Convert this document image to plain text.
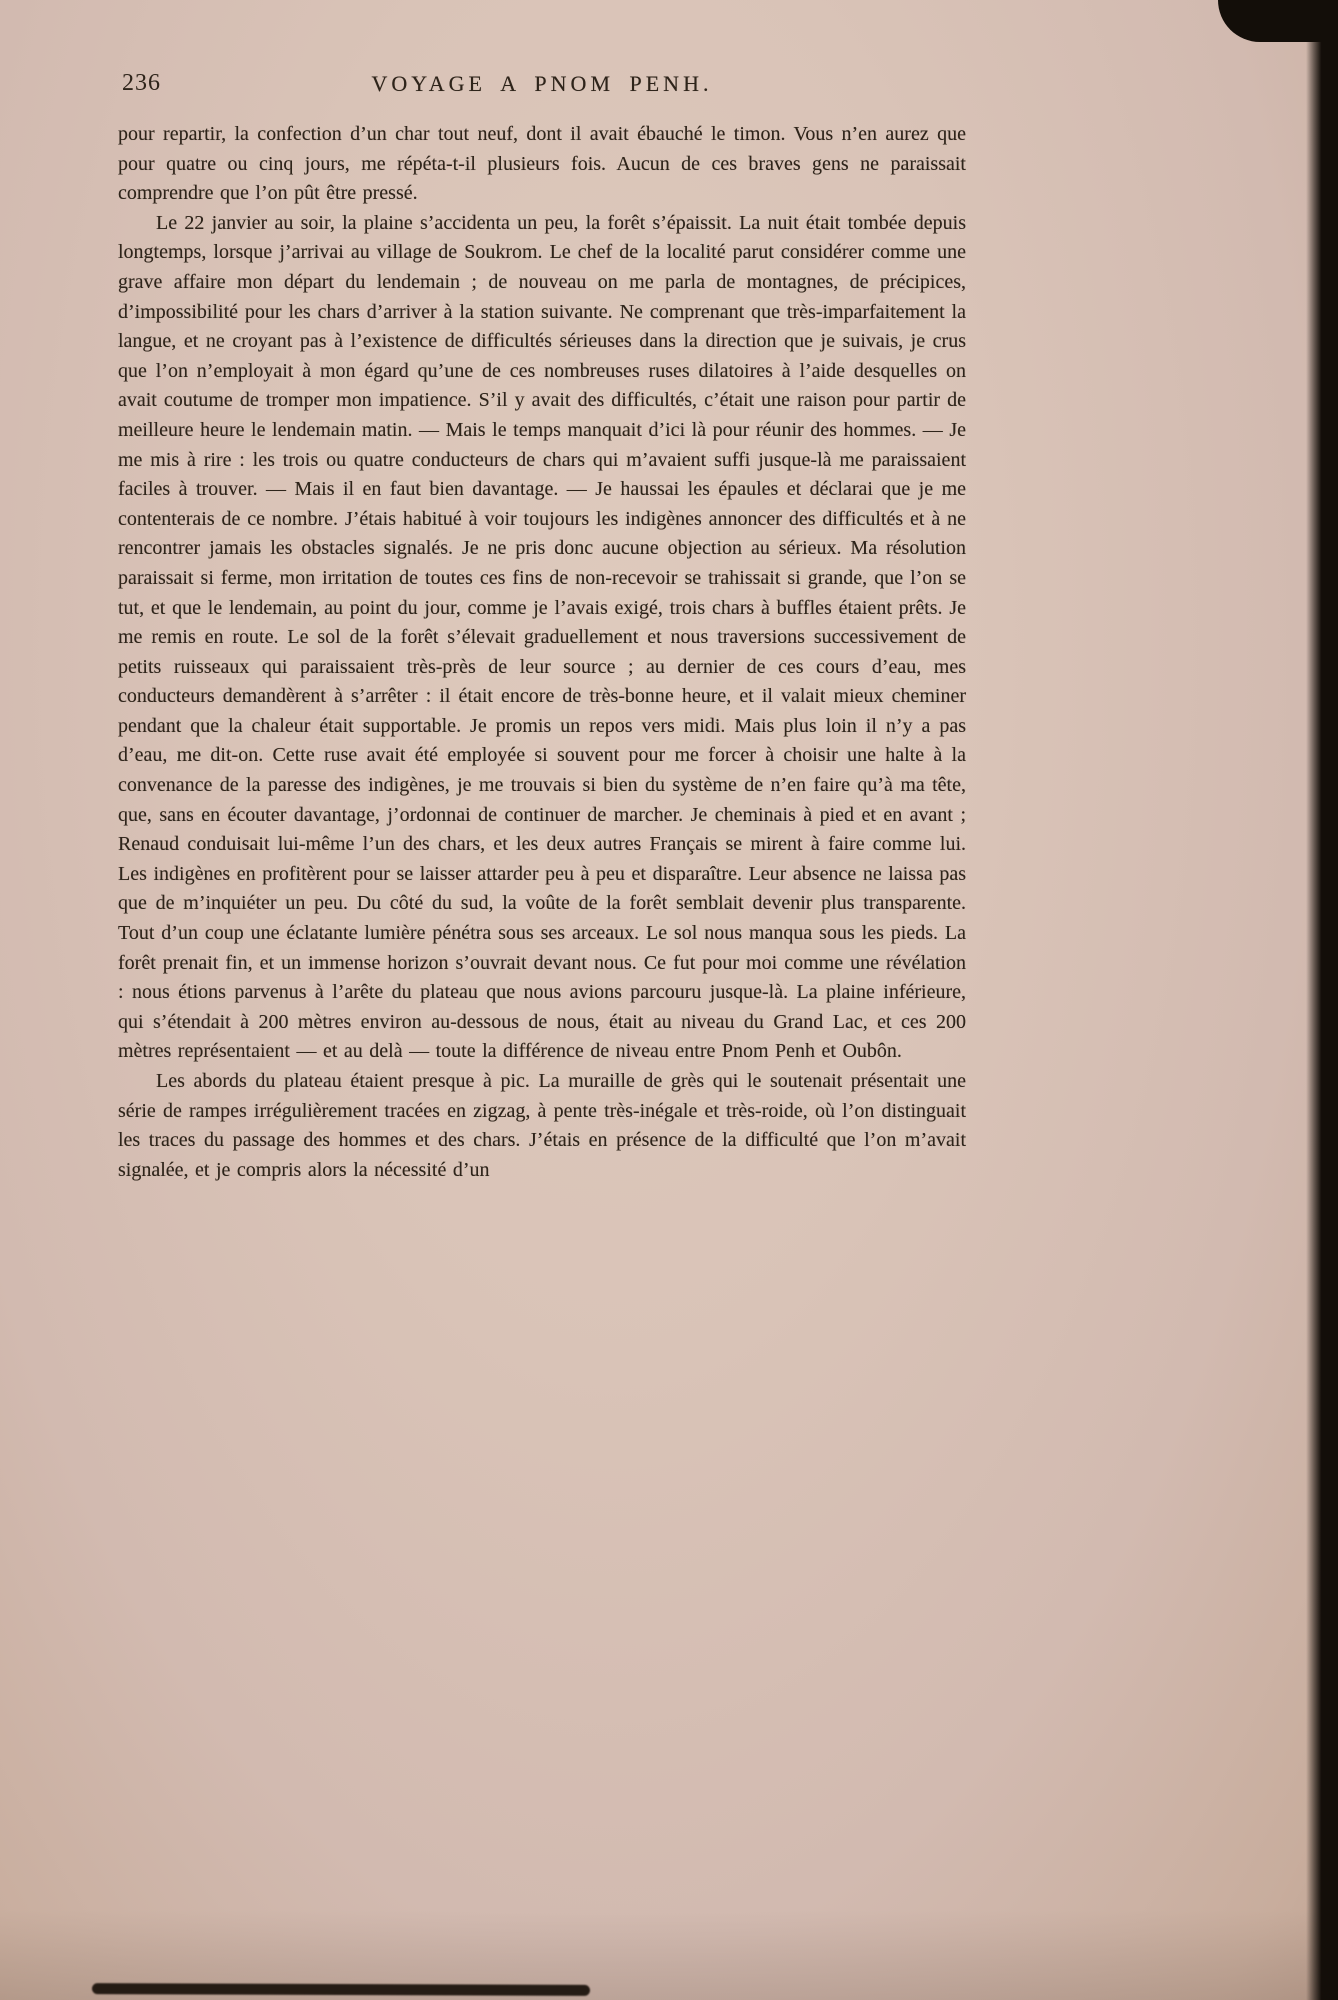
236	VOYAGE A PNOM PENH.

pour repartir, la confection d’un char tout neuf, dont il avait ébauché le timon. Vous n’en aurez que pour quatre ou cinq jours, me répéta-t-il plusieurs fois. Aucun de ces braves gens ne paraissait comprendre que l’on pût être pressé.

Le 22 janvier au soir, la plaine s’accidenta un peu, la forêt s’épaissit. La nuit était tombée depuis longtemps, lorsque j’arrivai au village de Soukrom. Le chef de la localité parut considérer comme une grave affaire mon départ du lendemain ; de nouveau on me parla de montagnes, de précipices, d’impossibilité pour les chars d’arriver à la station suivante. Ne comprenant que très-imparfaitement la langue, et ne croyant pas à l’existence de difficultés sérieuses dans la direction que je suivais, je crus que l’on n’employait à mon égard qu’une de ces nombreuses ruses dilatoires à l’aide desquelles on avait coutume de tromper mon impatience. S’il y avait des difficultés, c’était une raison pour partir de meilleure heure le lendemain matin. — Mais le temps manquait d’ici là pour réunir des hommes. — Je me mis à rire : les trois ou quatre conducteurs de chars qui m’avaient suffi jusque-là me paraissaient faciles à trouver. — Mais il en faut bien davantage. — Je haussai les épaules et déclarai que je me contenterais de ce nombre. J’étais habitué à voir toujours les indigènes annoncer des difficultés et à ne rencontrer jamais les obstacles signalés. Je ne pris donc aucune objection au sérieux. Ma résolution paraissait si ferme, mon irritation de toutes ces fins de non-recevoir se trahissait si grande, que l’on se tut, et que le lendemain, au point du jour, comme je l’avais exigé, trois chars à buffles étaient prêts. Je me remis en route. Le sol de la forêt s’élevait graduellement et nous traversions successivement de petits ruisseaux qui paraissaient très-près de leur source ; au dernier de ces cours d’eau, mes conducteurs demandèrent à s’arrêter : il était encore de très-bonne heure, et il valait mieux cheminer pendant que la chaleur était supportable. Je promis un repos vers midi. Mais plus loin il n’y a pas d’eau, me dit-on. Cette ruse avait été employée si souvent pour me forcer à choisir une halte à la convenance de la paresse des indigènes, je me trouvais si bien du système de n’en faire qu’à ma tête, que, sans en écouter davantage, j’ordonnai de continuer de marcher. Je cheminais à pied et en avant ; Renaud conduisait lui-même l’un des chars, et les deux autres Français se mirent à faire comme lui. Les indigènes en profitèrent pour se laisser attarder peu à peu et disparaître. Leur absence ne laissa pas que de m’inquiéter un peu. Du côté du sud, la voûte de la forêt semblait devenir plus transparente. Tout d’un coup une éclatante lumière pénétra sous ses arceaux. Le sol nous manqua sous les pieds. La forêt prenait fin, et un immense horizon s’ouvrait devant nous. Ce fut pour moi comme une révélation : nous étions parvenus à l’arête du plateau que nous avions parcouru jusque-là. La plaine inférieure, qui s’étendait à 200 mètres environ au-dessous de nous, était au niveau du Grand Lac, et ces 200 mètres représentaient — et au delà — toute la différence de niveau entre Pnom Penh et Oubôn.

Les abords du plateau étaient presque à pic. La muraille de grès qui le soutenait présentait une série de rampes irrégulièrement tracées en zigzag, à pente très-inégale et très-roide, où l’on distinguait les traces du passage des hommes et des chars. J’étais en présence de la difficulté que l’on m’avait signalée, et je compris alors la nécessité d’un
